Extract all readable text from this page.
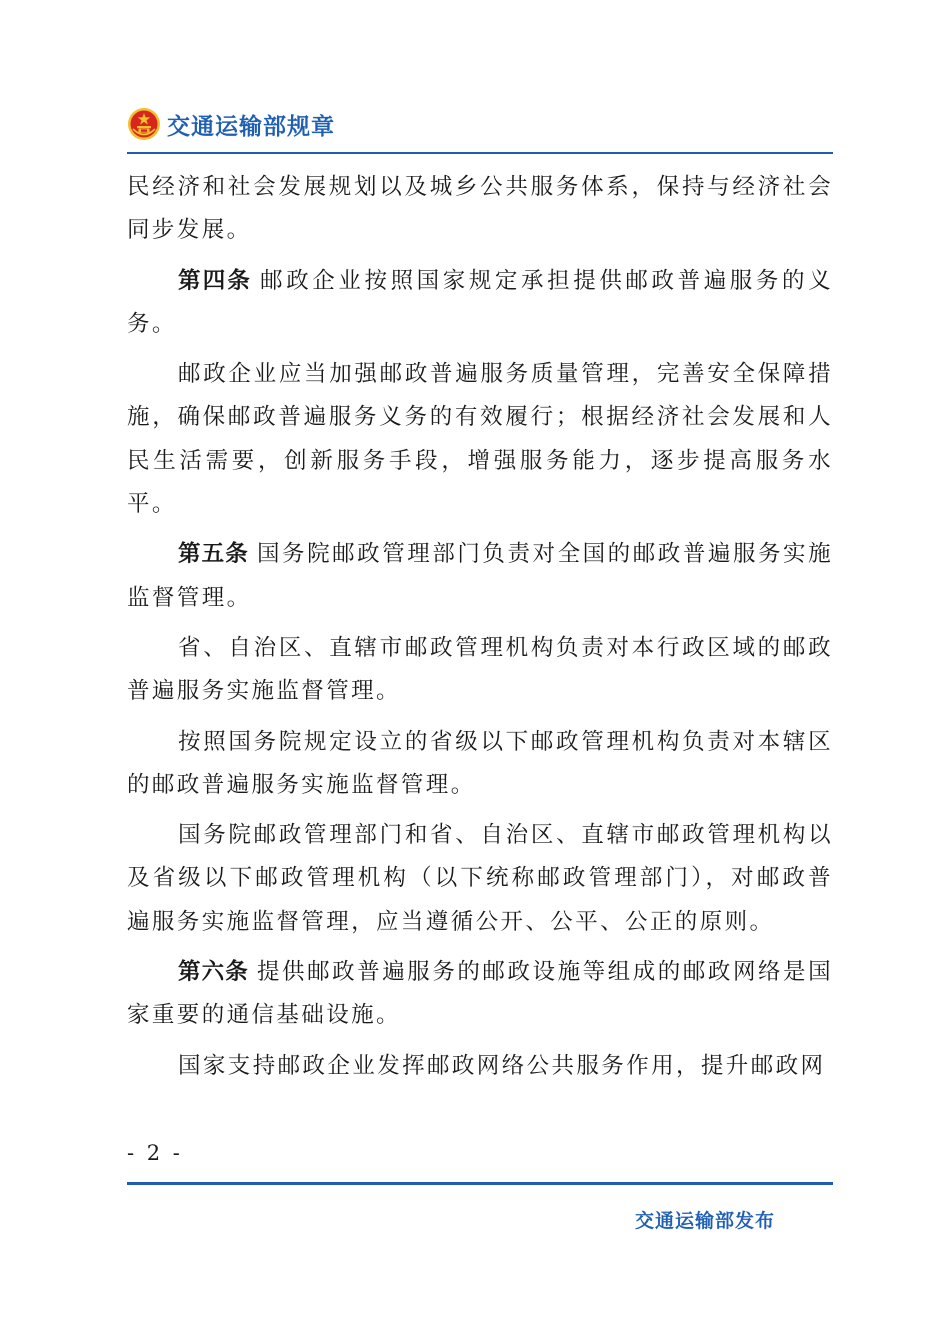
交通运输部规章

民经济和社会发展规划以及城乡公共服务体系，保持与经济社会同步发展。

第四条 邮政企业按照国家规定承担提供邮政普遍服务的义务。

邮政企业应当加强邮政普遍服务质量管理，完善安全保障措施，确保邮政普遍服务义务的有效履行；根据经济社会发展和人民生活需要，创新服务手段，增强服务能力，逐步提高服务水平。

第五条 国务院邮政管理部门负责对全国的邮政普遍服务实施监督管理。

省、自治区、直辖市邮政管理机构负责对本行政区域的邮政普遍服务实施监督管理。

按照国务院规定设立的省级以下邮政管理机构负责对本辖区的邮政普遍服务实施监督管理。

国务院邮政管理部门和省、自治区、直辖市邮政管理机构以及省级以下邮政管理机构（以下统称邮政管理部门），对邮政普遍服务实施监督管理，应当遵循公开、公平、公正的原则。

第六条 提供邮政普遍服务的邮政设施等组成的邮政网络是国家重要的通信基础设施。

国家支持邮政企业发挥邮政网络公共服务作用，提升邮政网

- 2 -
交通运输部发布
